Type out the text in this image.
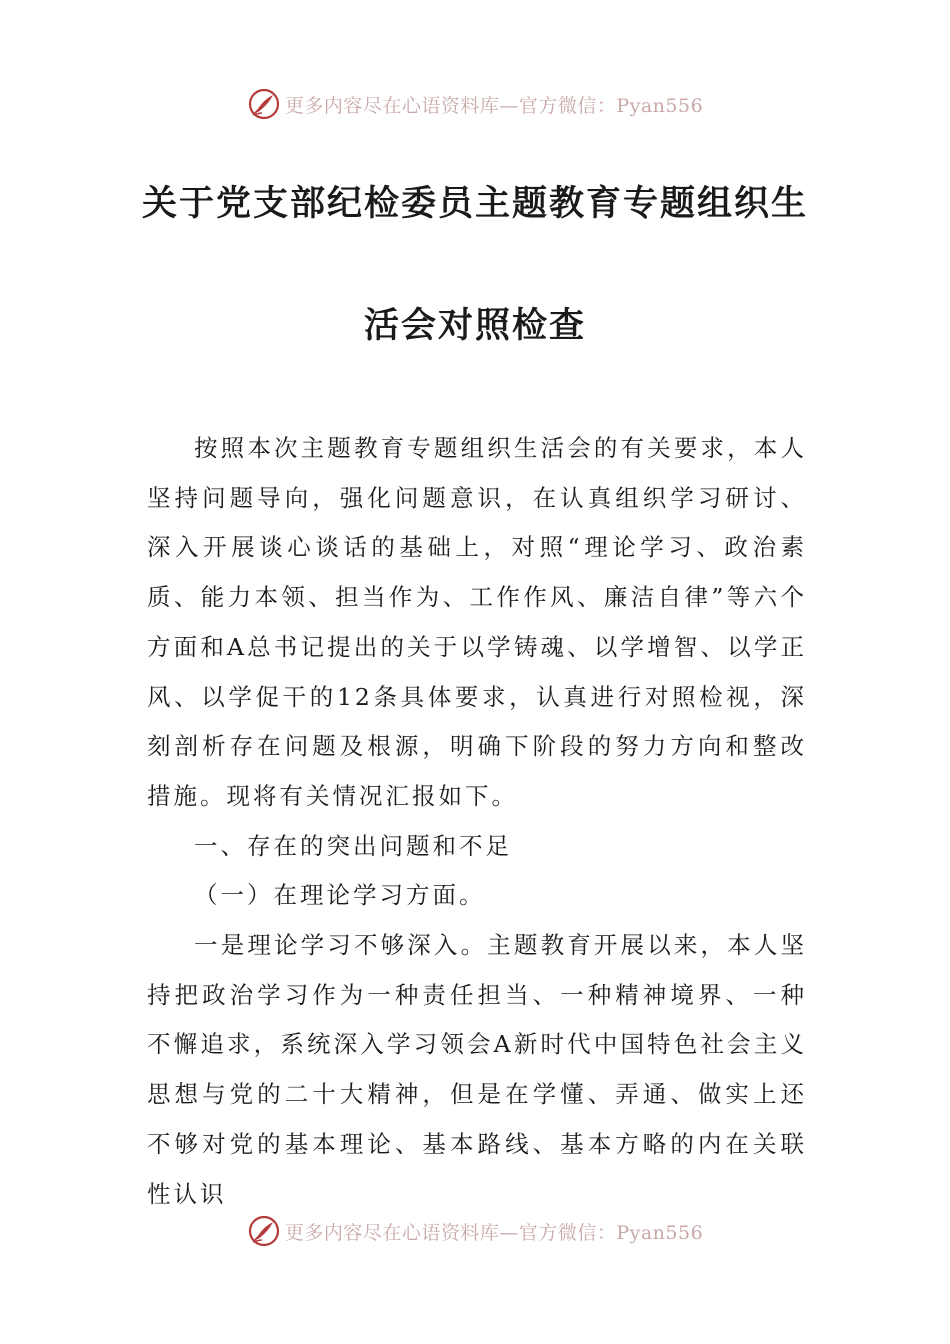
更多内容尽在心语资料库—官方微信：Pyan556
关于党支部纪检委员主题教育专题组织生
活会对照检查

按照本次主题教育专题组织生活会的有关要求，本人坚持问题导向，强化问题意识，在认真组织学习研讨、深入开展谈心谈话的基础上，对照“理论学习、政治素质、能力本领、担当作为、工作作风、廉洁自律”等六个方面和A总书记提出的关于以学铸魂、以学增智、以学正风、以学促干的12条具体要求，认真进行对照检视，深刻剖析存在问题及根源，明确下阶段的努力方向和整改措施。现将有关情况汇报如下。

一、存在的突出问题和不足

（一）在理论学习方面。

一是理论学习不够深入。主题教育开展以来，本人坚持把政治学习作为一种责任担当、一种精神境界、一种不懈追求，系统深入学习领会A新时代中国特色社会主义思想与党的二十大精神，但是在学懂、弄通、做实上还不够对党的基本理论、基本路线、基本方略的内在关联性认识

更多内容尽在心语资料库—官方微信：Pyan556
